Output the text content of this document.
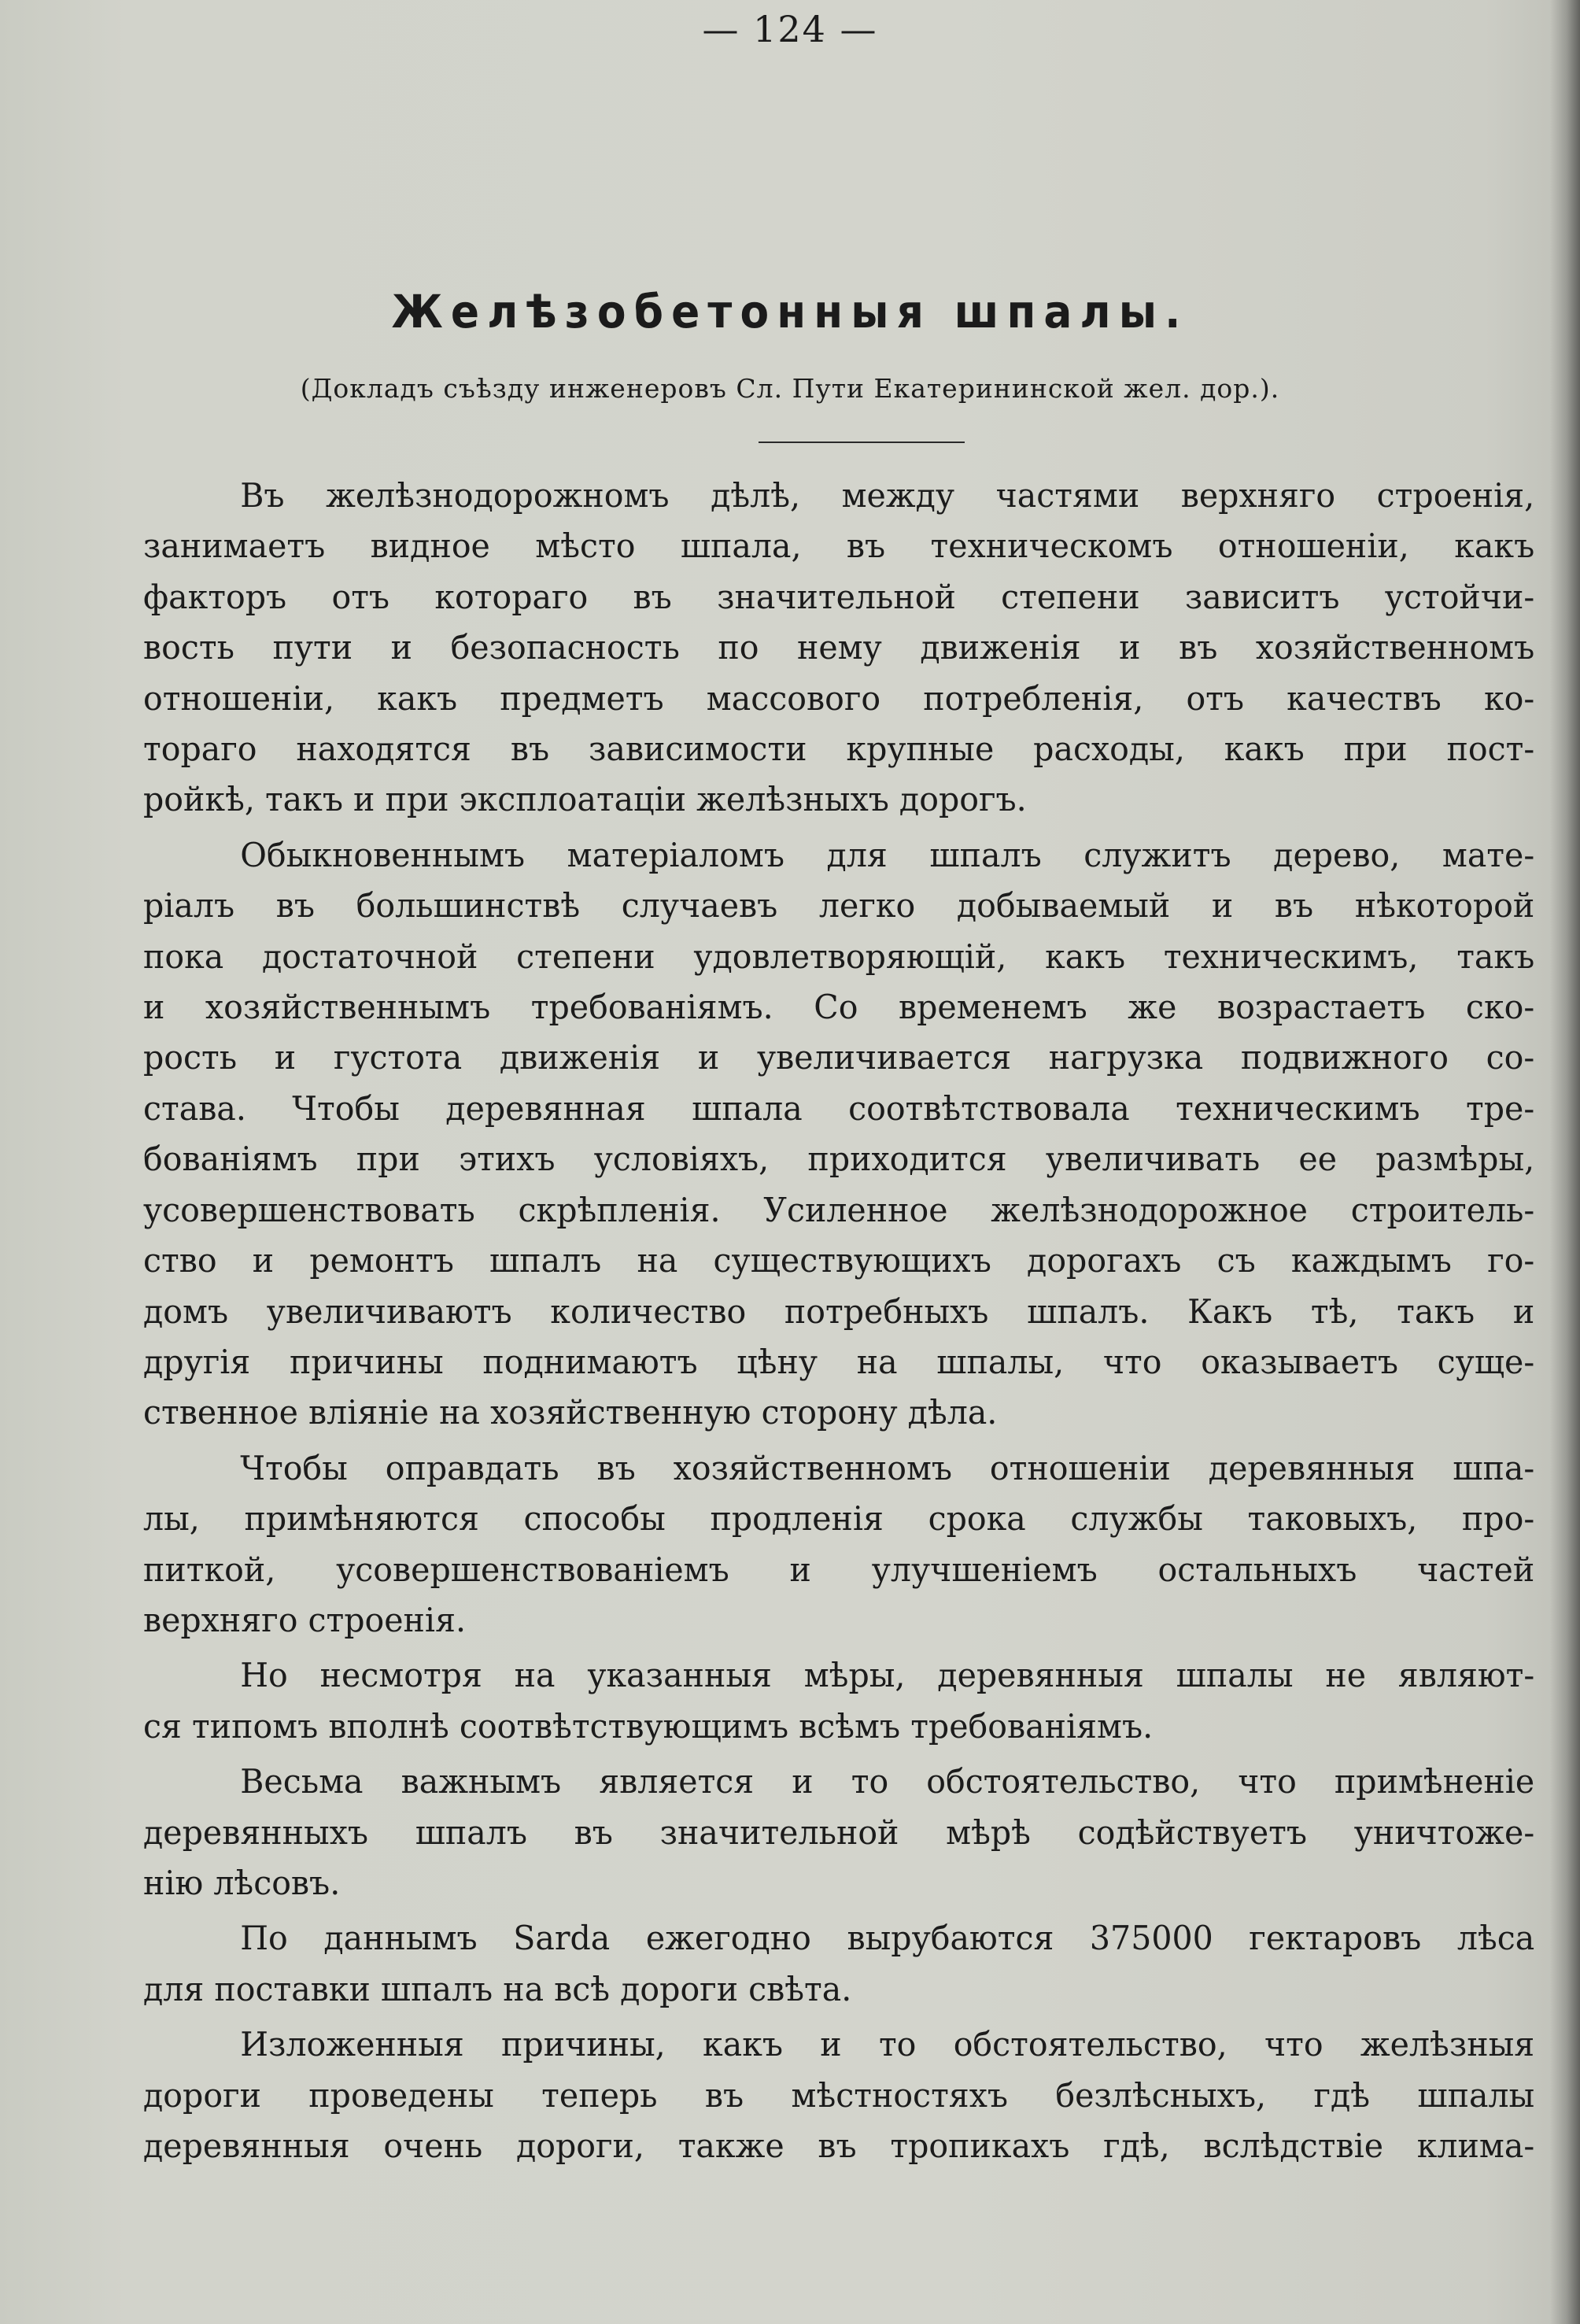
— 124 —
Желѣзобетонныя шпалы.
(Докладъ съѣзду инженеровъ Сл. Пути Екатерининской жел. дор.).
Въ желѣзнодорожномъ дѣлѣ, между частями верхняго строенія,
занимаетъ видное мѣсто шпала, въ техническомъ отношеніи, какъ
факторъ отъ котораго въ значительной степени зависитъ устойчи-
вость пути и безопасность по нему движенія и въ хозяйственномъ
отношеніи, какъ предметъ массового потребленія, отъ качествъ ко-
тораго находятся въ зависимости крупные расходы, какъ при пост-
ройкѣ, такъ и при эксплоатаціи желѣзныхъ дорогъ.
Обыкновеннымъ матеріаломъ для шпалъ служитъ дерево, мате-
ріалъ въ большинствѣ случаевъ легко добываемый и въ нѣкоторой
пока достаточной степени удовлетворяющій, какъ техническимъ, такъ
и хозяйственнымъ требованіямъ. Со временемъ же возрастаетъ ско-
рость и густота движенія и увеличивается нагрузка подвижного со-
става. Чтобы деревянная шпала соотвѣтствовала техническимъ тре-
бованіямъ при этихъ условіяхъ, приходится увеличивать ее размѣры,
усовершенствовать скрѣпленія. Усиленное желѣзнодорожное строитель-
ство и ремонтъ шпалъ на существующихъ дорогахъ съ каждымъ го-
домъ увеличиваютъ количество потребныхъ шпалъ. Какъ тѣ, такъ и
другія причины поднимаютъ цѣну на шпалы, что оказываетъ суще-
ственное вліяніе на хозяйственную сторону дѣла.
Чтобы оправдать въ хозяйственномъ отношеніи деревянныя шпа-
лы, примѣняются способы продленія срока службы таковыхъ, про-
питкой, усовершенствованіемъ и улучшеніемъ остальныхъ частей
верхняго строенія.
Но несмотря на указанныя мѣры, деревянныя шпалы не являют-
ся типомъ вполнѣ соотвѣтствующимъ всѣмъ требованіямъ.
Весьма важнымъ является и то обстоятельство, что примѣненіе
деревянныхъ шпалъ въ значительной мѣрѣ содѣйствуетъ уничтоже-
нію лѣсовъ.
По даннымъ Sarda ежегодно вырубаются 375000 гектаровъ лѣса
для поставки шпалъ на всѣ дороги свѣта.
Изложенныя причины, какъ и то обстоятельство, что желѣзныя
дороги проведены теперь въ мѣстностяхъ безлѣсныхъ, гдѣ шпалы
деревянныя очень дороги, также въ тропикахъ гдѣ, вслѣдствіе клима-
